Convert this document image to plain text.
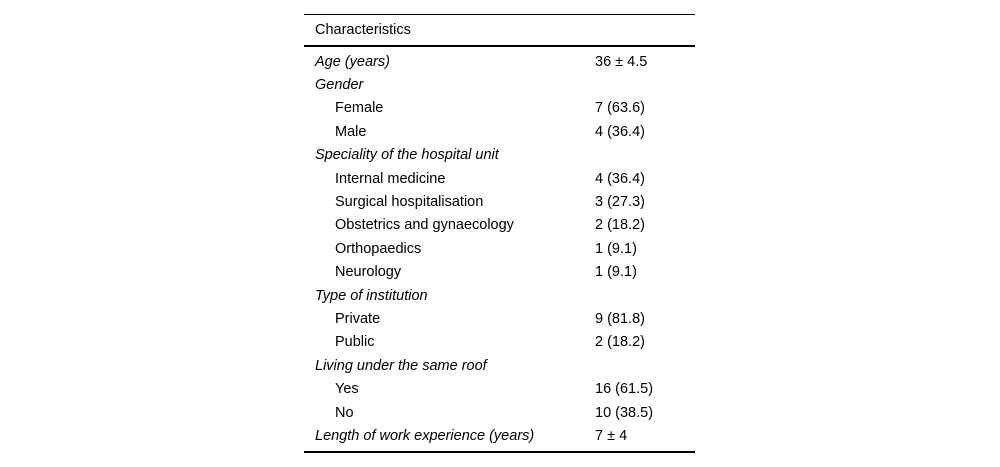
Characteristics
Age (years)	36 ± 4.5
Gender
Female	7 (63.6)
Male	4 (36.4)
Speciality of the hospital unit
Internal medicine	4 (36.4)
Surgical hospitalisation	3 (27.3)
Obstetrics and gynaecology	2 (18.2)
Orthopaedics	1 (9.1)
Neurology	1 (9.1)
Type of institution
Private	9 (81.8)
Public	2 (18.2)
Living under the same roof
Yes	16 (61.5)
No	10 (38.5)
Length of work experience (years)	7 ± 4
